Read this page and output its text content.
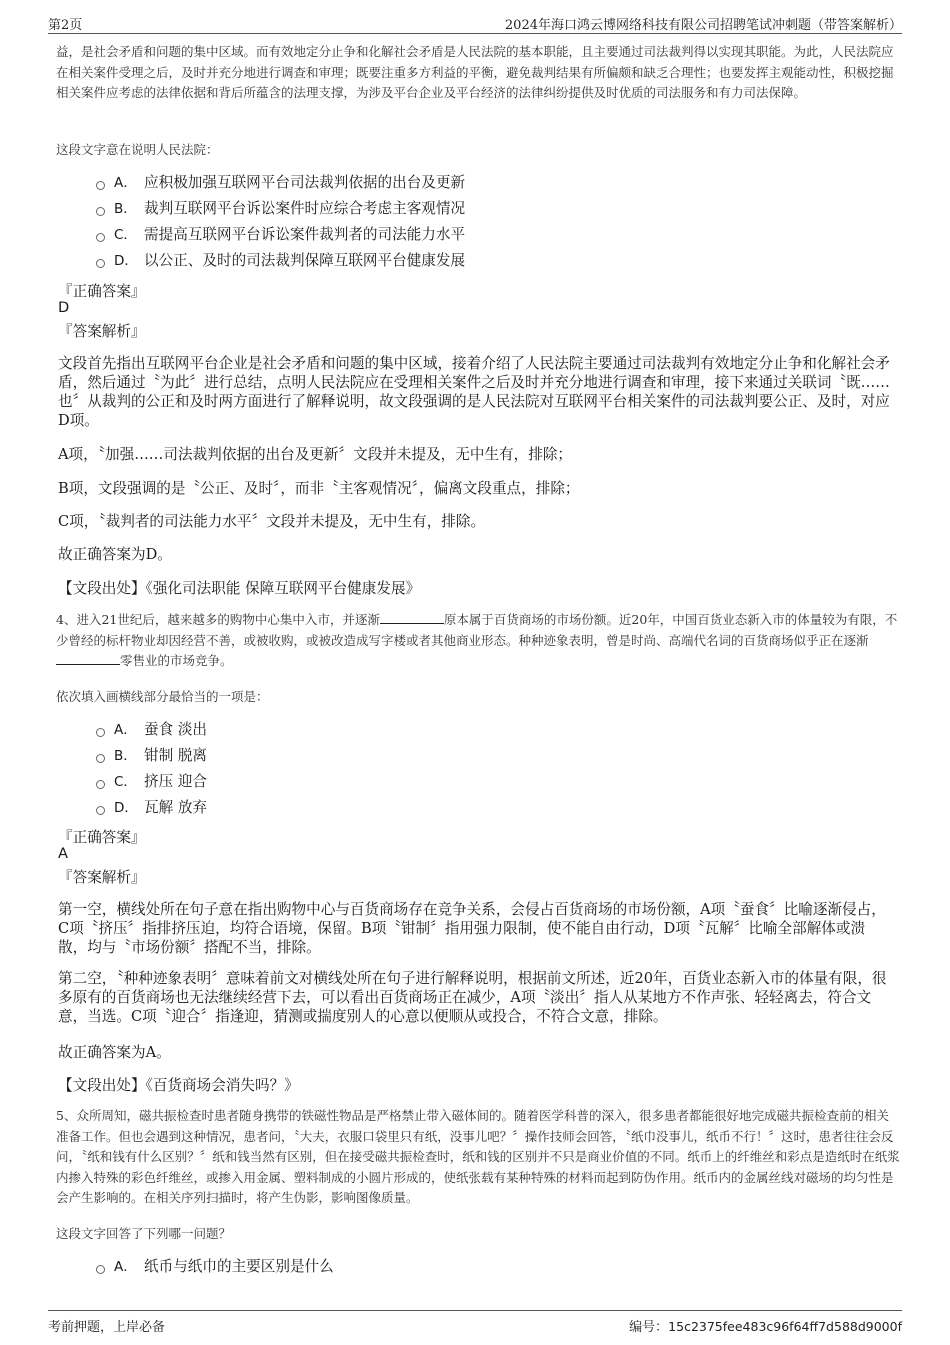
第2页	2024年海口鸿云博网络科技有限公司招聘笔试冲刺题（带答案解析）
益，是社会矛盾和问题的集中区域。而有效地定分止争和化解社会矛盾是人民法院的基本职能，且主要通过司法裁判得以实现其职能。为此，人民法院应在相关案件受理之后，及时并充分地进行调查和审理；既要注重多方利益的平衡，避免裁判结果有所偏颇和缺乏合理性；也要发挥主观能动性，积极挖掘相关案件应考虑的法律依据和背后所蕴含的法理支撑，为涉及平台企业及平台经济的法律纠纷提供及时优质的司法服务和有力司法保障。
这段文字意在说明人民法院：
A． 应积极加强互联网平台司法裁判依据的出台及更新
B． 裁判互联网平台诉讼案件时应综合考虑主客观情况
C． 需提高互联网平台诉讼案件裁判者的司法能力水平
D． 以公正、及时的司法裁判保障互联网平台健康发展
『正确答案』
D
『答案解析』
文段首先指出互联网平台企业是社会矛盾和问题的集中区域，接着介绍了人民法院主要通过司法裁判有效地定分止争和化解社会矛盾，然后通过〝为此〞进行总结，点明人民法院应在受理相关案件之后及时并充分地进行调查和审理，接下来通过关联词〝既……也〞从裁判的公正和及时两方面进行了解释说明，故文段强调的是人民法院对互联网平台相关案件的司法裁判要公正、及时，对应D项。
A项，〝加强……司法裁判依据的出台及更新〞文段并未提及，无中生有，排除；
B项，文段强调的是〝公正、及时〞，而非〝主客观情况〞，偏离文段重点，排除；
C项，〝裁判者的司法能力水平〞文段并未提及，无中生有，排除。
故正确答案为D。
【文段出处】《强化司法职能 保障互联网平台健康发展》
4、进入21世纪后，越来越多的购物中心集中入市，并逐渐	原本属于百货商场的市场份额。近20年，中国百货业态新入市的体量较为有限，不少曾经的标杆物业却因经营不善，或被收购，或被改造成写字楼或者其他商业形态。种种迹象表明，曾是时尚、高端代名词的百货商场似乎正在逐渐零售业的市场竞争。
依次填入画横线部分最恰当的一项是：
A． 蚕食 淡出
B． 钳制 脱离
C． 挤压 迎合
D． 瓦解 放弃
『正确答案』
A
『答案解析』
第一空，横线处所在句子意在指出购物中心与百货商场存在竞争关系，会侵占百货商场的市场份额，A项〝蚕食〞比喻逐渐侵占，C项〝挤压〞指排挤压迫，均符合语境，保留。B项〝钳制〞指用强力限制，使不能自由行动，D项〝瓦解〞比喻全部解体或溃散，均与〝市场份额〞搭配不当，排除。
第二空，〝种种迹象表明〞意味着前文对横线处所在句子进行解释说明，根据前文所述，近20年，百货业态新入市的体量有限，很多原有的百货商场也无法继续经营下去，可以看出百货商场正在减少，A项〝淡出〞指人从某地方不作声张、轻轻离去，符合文意，当选。C项〝迎合〞指逢迎，猜测或揣度别人的心意以便顺从或投合，不符合文意，排除。
故正确答案为A。
【文段出处】《百货商场会消失吗？》
5、众所周知，磁共振检查时患者随身携带的铁磁性物品是严格禁止带入磁体间的。随着医学科普的深入，很多患者都能很好地完成磁共振检查前的相关准备工作。但也会遇到这种情况，患者问，〝大夫，衣服口袋里只有纸，没事儿吧？〞操作技师会回答，〝纸巾没事儿，纸币不行！〞这时，患者往往会反问，〝纸和钱有什么区别？〞纸和钱当然有区别，但在接受磁共振检查时，纸和钱的区别并不只是商业价值的不同。纸币上的纤维丝和彩点是造纸时在纸浆内掺入特殊的彩色纤维丝，或掺入用金属、塑料制成的小圆片形成的，使纸张载有某种特殊的材料而起到防伪作用。纸币内的金属丝线对磁场的均匀性是会产生影响的。在相关序列扫描时，将产生伪影，影响图像质量。
这段文字回答了下列哪一问题？
A． 纸币与纸巾的主要区别是什么
考前押题，上岸必备	编号：15c2375fee483c96f64ff7d588d9000f
